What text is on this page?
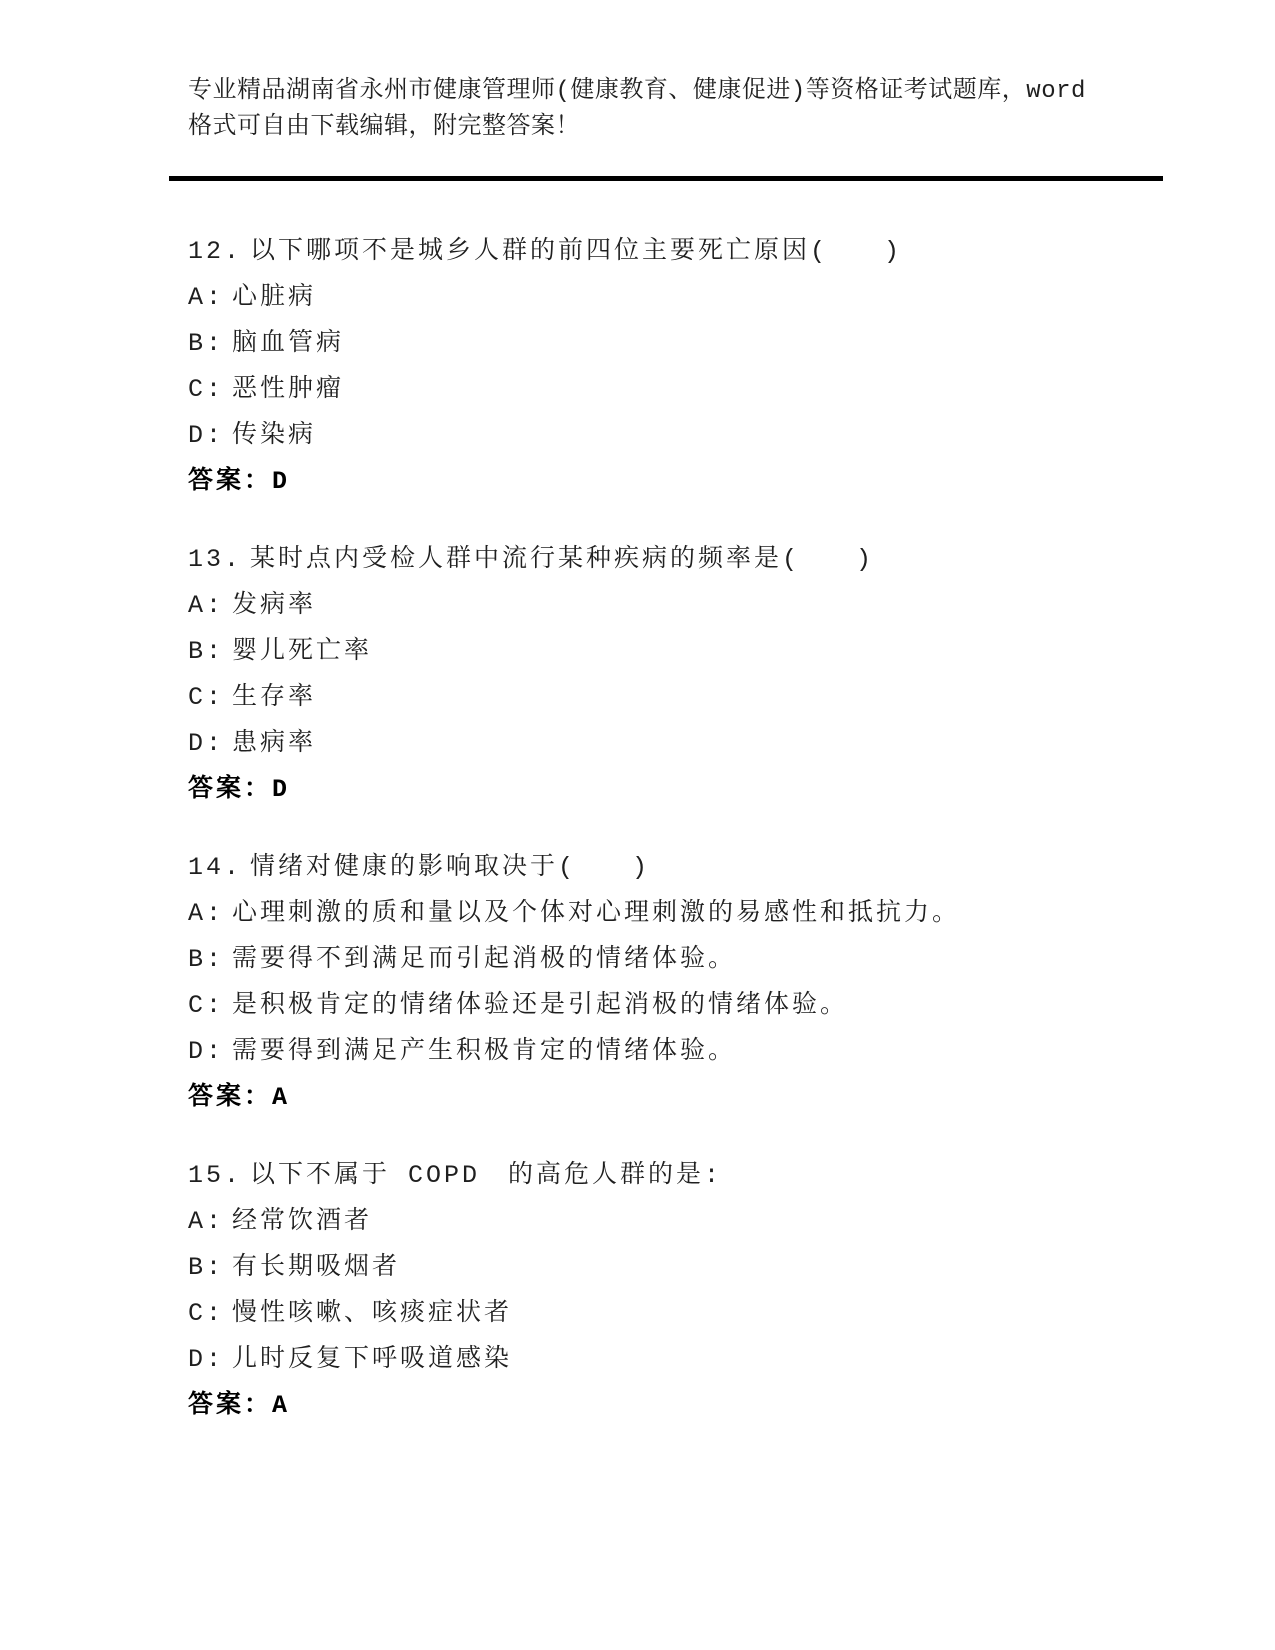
专业精品湖南省永州市健康管理师(健康教育、健康促进)等资格证考试题库，word

格式可自由下载编辑，附完整答案！

12. 以下哪项不是城乡人群的前四位主要死亡原因(　　)

A: 心脏病

B: 脑血管病

C: 恶性肿瘤

D: 传染病

答案：D

13. 某时点内受检人群中流行某种疾病的频率是(　　)

A: 发病率

B: 婴儿死亡率

C: 生存率

D: 患病率

答案：D

14. 情绪对健康的影响取决于(　　)

A: 心理刺激的质和量以及个体对心理刺激的易感性和抵抗力。

B: 需要得不到满足而引起消极的情绪体验。

C: 是积极肯定的情绪体验还是引起消极的情绪体验。

D: 需要得到满足产生积极肯定的情绪体验。

答案：A

15. 以下不属于 COPD　的高危人群的是:

A: 经常饮酒者

B: 有长期吸烟者

C: 慢性咳嗽、咳痰症状者

D: 儿时反复下呼吸道感染

答案：A
